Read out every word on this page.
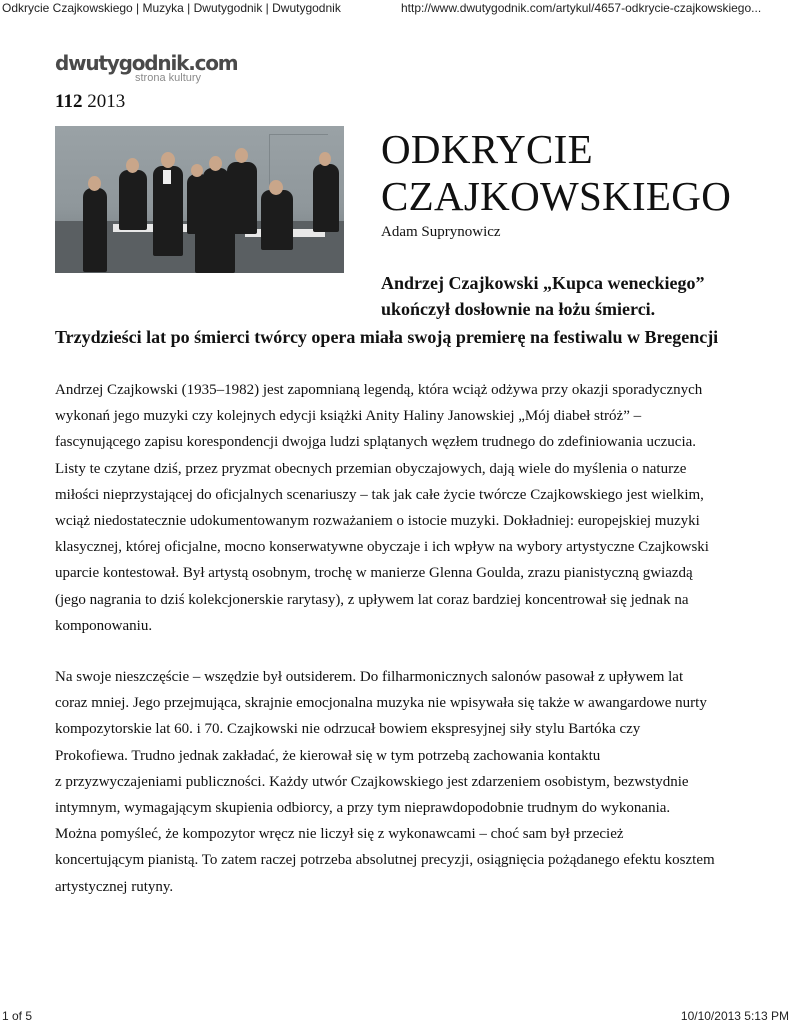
Odkrycie Czajkowskiego | Muzyka | Dwutygodnik | Dwutygodnik	http://www.dwutygodnik.com/artykul/4657-odkrycie-czajkowskiego...
dwutygodnik.com
strona kultury
112 2013
ODKRYCIE
CZAJKOWSKIEGO
Adam Suprynowicz
Andrzej Czajkowski „Kupca weneckiego”
ukończył dosłownie na łożu śmierci.
Trzydzieści lat po śmierci twórcy opera miała swoją premierę na festiwalu w Bregencji
Andrzej Czajkowski (1935–1982) jest zapomnianą legendą, która wciąż odżywa przy okazji sporadycznych
wykonań jego muzyki czy kolejnych edycji książki Anity Haliny Janowskiej „Mój diabeł stróż” –
fascynującego zapisu korespondencji dwojga ludzi splątanych węzłem trudnego do zdefiniowania uczucia.
Listy te czytane dziś, przez pryzmat obecnych przemian obyczajowych, dają wiele do myślenia o naturze
miłości nieprzystającej do oficjalnych scenariuszy – tak jak całe życie twórcze Czajkowskiego jest wielkim,
wciąż niedostatecznie udokumentowanym rozważaniem o istocie muzyki. Dokładniej: europejskiej muzyki
klasycznej, której oficjalne, mocno konserwatywne obyczaje i ich wpływ na wybory artystyczne Czajkowski
uparcie kontestował. Był artystą osobnym, trochę w manierze Glenna Goulda, zrazu pianistyczną gwiazdą
(jego nagrania to dziś kolekcjonerskie rarytasy), z upływem lat coraz bardziej koncentrował się jednak na
komponowaniu.
Na swoje nieszczęście – wszędzie był outsiderem. Do filharmonicznych salonów pasował z upływem lat
coraz mniej. Jego przejmująca, skrajnie emocjonalna muzyka nie wpisywała się także w awangardowe nurty
kompozytorskie lat 60. i 70. Czajkowski nie odrzucał bowiem ekspresyjnej siły stylu Bartóka czy
Prokofiewa. Trudno jednak zakładać, że kierował się w tym potrzebą zachowania kontaktu
z przyzwyczajeniami publiczności. Każdy utwór Czajkowskiego jest zdarzeniem osobistym, bezwstydnie
intymnym, wymagającym skupienia odbiorcy, a przy tym nieprawdopodobnie trudnym do wykonania.
Można pomyśleć, że kompozytor wręcz nie liczył się z wykonawcami – choć sam był przecież
koncertującym pianistą. To zatem raczej potrzeba absolutnej precyzji, osiągnięcia pożądanego efektu kosztem
artystycznej rutyny.
1 of 5	10/10/2013 5:13 PM
